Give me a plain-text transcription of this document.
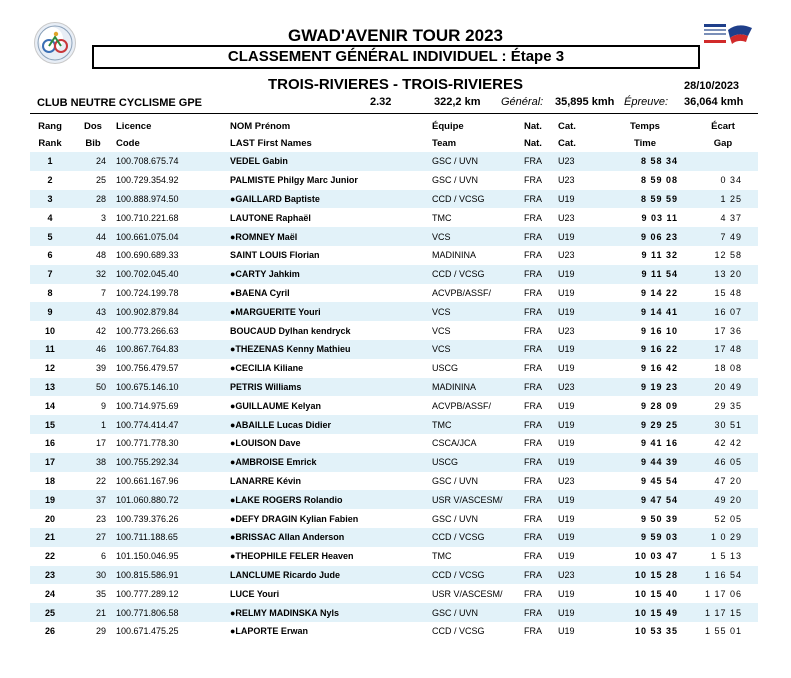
GWAD'AVENIR TOUR 2023
CLASSEMENT GÉNÉRAL INDIVIDUEL : Étape 3
TROIS-RIVIERES - TROIS-RIVIERES	28/10/2023
CLUB NEUTRE CYCLISME GPE	2.32	322,2 km Général: 35,895 kmh Épreuve: 36,064 kmh
Rang	Dos	Licence	NOM Prénom	Équipe	Nat.	Cat.	Temps	Écart
Rank	Bib	Code	LAST First Names	Team	Nat.	Cat.	Time	Gap
1	24	100.708.675.74	VEDEL Gabin	GSC / UVN	FRA	U23	8 58 34	
2	25	100.729.354.92	PALMISTE Philgy Marc Junior	GSC / UVN	FRA	U23	8 59 08	0 34
3	28	100.888.974.50	●GAILLARD Baptiste	CCD / VCSG	FRA	U19	8 59 59	1 25
4	3	100.710.221.68	LAUTONE Raphaël	TMC	FRA	U23	9 03 11	4 37
5	44	100.661.075.04	●ROMNEY Maël	VCS	FRA	U19	9 06 23	7 49
6	48	100.690.689.33	SAINT LOUIS Florian	MADININA	FRA	U23	9 11 32	12 58
7	32	100.702.045.40	●CARTY Jahkim	CCD / VCSG	FRA	U19	9 11 54	13 20
8	7	100.724.199.78	●BAENA Cyril	ACVPB/ASSF/	FRA	U19	9 14 22	15 48
9	43	100.902.879.84	●MARGUERITE Youri	VCS	FRA	U19	9 14 41	16 07
10	42	100.773.266.63	BOUCAUD Dylhan kendryck	VCS	FRA	U23	9 16 10	17 36
11	46	100.867.764.83	●THEZENAS Kenny Mathieu	VCS	FRA	U19	9 16 22	17 48
12	39	100.756.479.57	●CECILIA Kiliane	USCG	FRA	U19	9 16 42	18 08
13	50	100.675.146.10	PETRIS Williams	MADININA	FRA	U23	9 19 23	20 49
14	9	100.714.975.69	●GUILLAUME Kelyan	ACVPB/ASSF/	FRA	U19	9 28 09	29 35
15	1	100.774.414.47	●ABAILLE Lucas Didier	TMC	FRA	U19	9 29 25	30 51
16	17	100.771.778.30	●LOUISON Dave	CSCA/JCA	FRA	U19	9 41 16	42 42
17	38	100.755.292.34	●AMBROISE Emrick	USCG	FRA	U19	9 44 39	46 05
18	22	100.661.167.96	LANARRE Kévin	GSC / UVN	FRA	U23	9 45 54	47 20
19	37	101.060.880.72	●LAKE ROGERS Rolandio	USR V/ASCESM/	FRA	U19	9 47 54	49 20
20	23	100.739.376.26	●DEFY DRAGIN Kylian Fabien	GSC / UVN	FRA	U19	9 50 39	52 05
21	27	100.711.188.65	●BRISSAC Allan Anderson	CCD / VCSG	FRA	U19	9 59 03	1 0 29
22	6	101.150.046.95	●THEOPHILE FELER Heaven	TMC	FRA	U19	10 03 47	1 5 13
23	30	100.815.586.91	LANCLUME Ricardo Jude	CCD / VCSG	FRA	U23	10 15 28	1 16 54
24	35	100.777.289.12	LUCE Youri	USR V/ASCESM/	FRA	U19	10 15 40	1 17 06
25	21	100.771.806.58	●RELMY MADINSKA Nyls	GSC / UVN	FRA	U19	10 15 49	1 17 15
26	29	100.671.475.25	●LAPORTE Erwan	CCD / VCSG	FRA	U19	10 53 35	1 55 01
